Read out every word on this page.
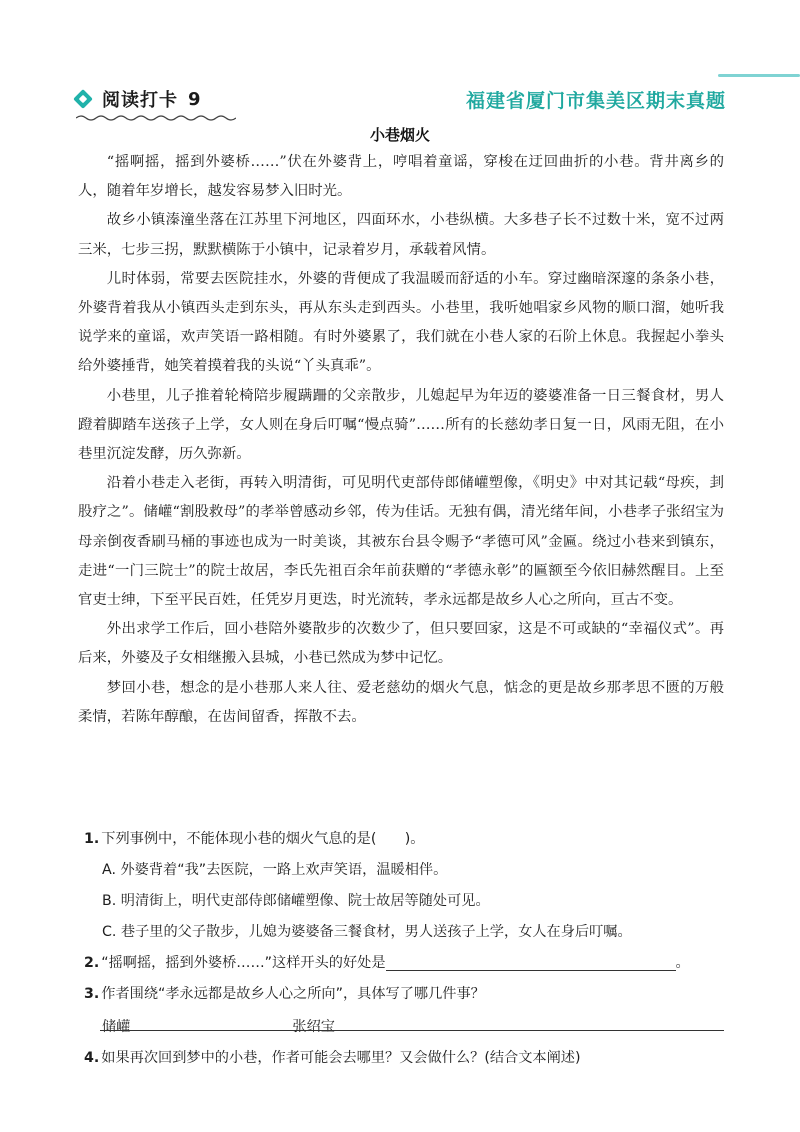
阅读打卡 9	福建省厦门市集美区期末真题
小巷烟火

“摇啊摇，摇到外婆桥……”伏在外婆背上，哼唱着童谣，穿梭在迂回曲折的小巷。背井离乡的人，随着年岁增长，越发容易梦入旧时光。

故乡小镇溱潼坐落在江苏里下河地区，四面环水，小巷纵横。大多巷子长不过数十米，宽不过两三米，七步三拐，默默横陈于小镇中，记录着岁月，承载着风情。

儿时体弱，常要去医院挂水，外婆的背便成了我温暖而舒适的小车。穿过幽暗深邃的条条小巷，外婆背着我从小镇西头走到东头，再从东头走到西头。小巷里，我听她唱家乡风物的顺口溜，她听我说学来的童谣，欢声笑语一路相随。有时外婆累了，我们就在小巷人家的石阶上休息。我握起小拳头给外婆捶背，她笑着摸着我的头说“丫头真乖”。

小巷里，儿子推着轮椅陪步履蹒跚的父亲散步，儿媳起早为年迈的婆婆准备一日三餐食材，男人蹬着脚踏车送孩子上学，女人则在身后叮嘱“慢点骑”……所有的长慈幼孝日复一日，风雨无阻，在小巷里沉淀发酵，历久弥新。

沿着小巷走入老街，再转入明清街，可见明代吏部侍郎储巏塑像，《明史》中对其记载“母疾，刲股疗之”。储巏“割股救母”的孝举曾感动乡邻，传为佳话。无独有偶，清光绪年间，小巷孝子张绍宝为母亲倒夜香刷马桶的事迹也成为一时美谈，其被东台县令赐予“孝德可风”金匾。绕过小巷来到镇东，走进“一门三院士”的院士故居，李氏先祖百余年前获赠的“孝德永彰”的匾额至今依旧赫然醒目。上至官吏士绅，下至平民百姓，任凭岁月更迭，时光流转，孝永远都是故乡人心之所向，亘古不变。

外出求学工作后，回小巷陪外婆散步的次数少了，但只要回家，这是不可或缺的“幸福仪式”。再后来，外婆及子女相继搬入县城，小巷已然成为梦中记忆。

梦回小巷，想念的是小巷那人来人往、爱老慈幼的烟火气息，惦念的更是故乡那孝思不匮的万般柔情，若陈年醇酿，在齿间留香，挥散不去。

1. 下列事例中，不能体现小巷的烟火气息的是(　　)。
A. 外婆背着“我”去医院，一路上欢声笑语，温暖相伴。
B. 明清街上，明代吏部侍郎储巏塑像、院士故居等随处可见。
C. 巷子里的父子散步，儿媳为婆婆备三餐食材，男人送孩子上学，女人在身后叮嘱。
2. “摇啊摇，摇到外婆桥……”这样开头的好处是	。
3. 作者围绕“孝永远都是故乡人心之所向”，具体写了哪几件事？
储巏	张绍宝
4. 如果再次回到梦中的小巷，作者可能会去哪里？又会做什么？(结合文本阐述)
